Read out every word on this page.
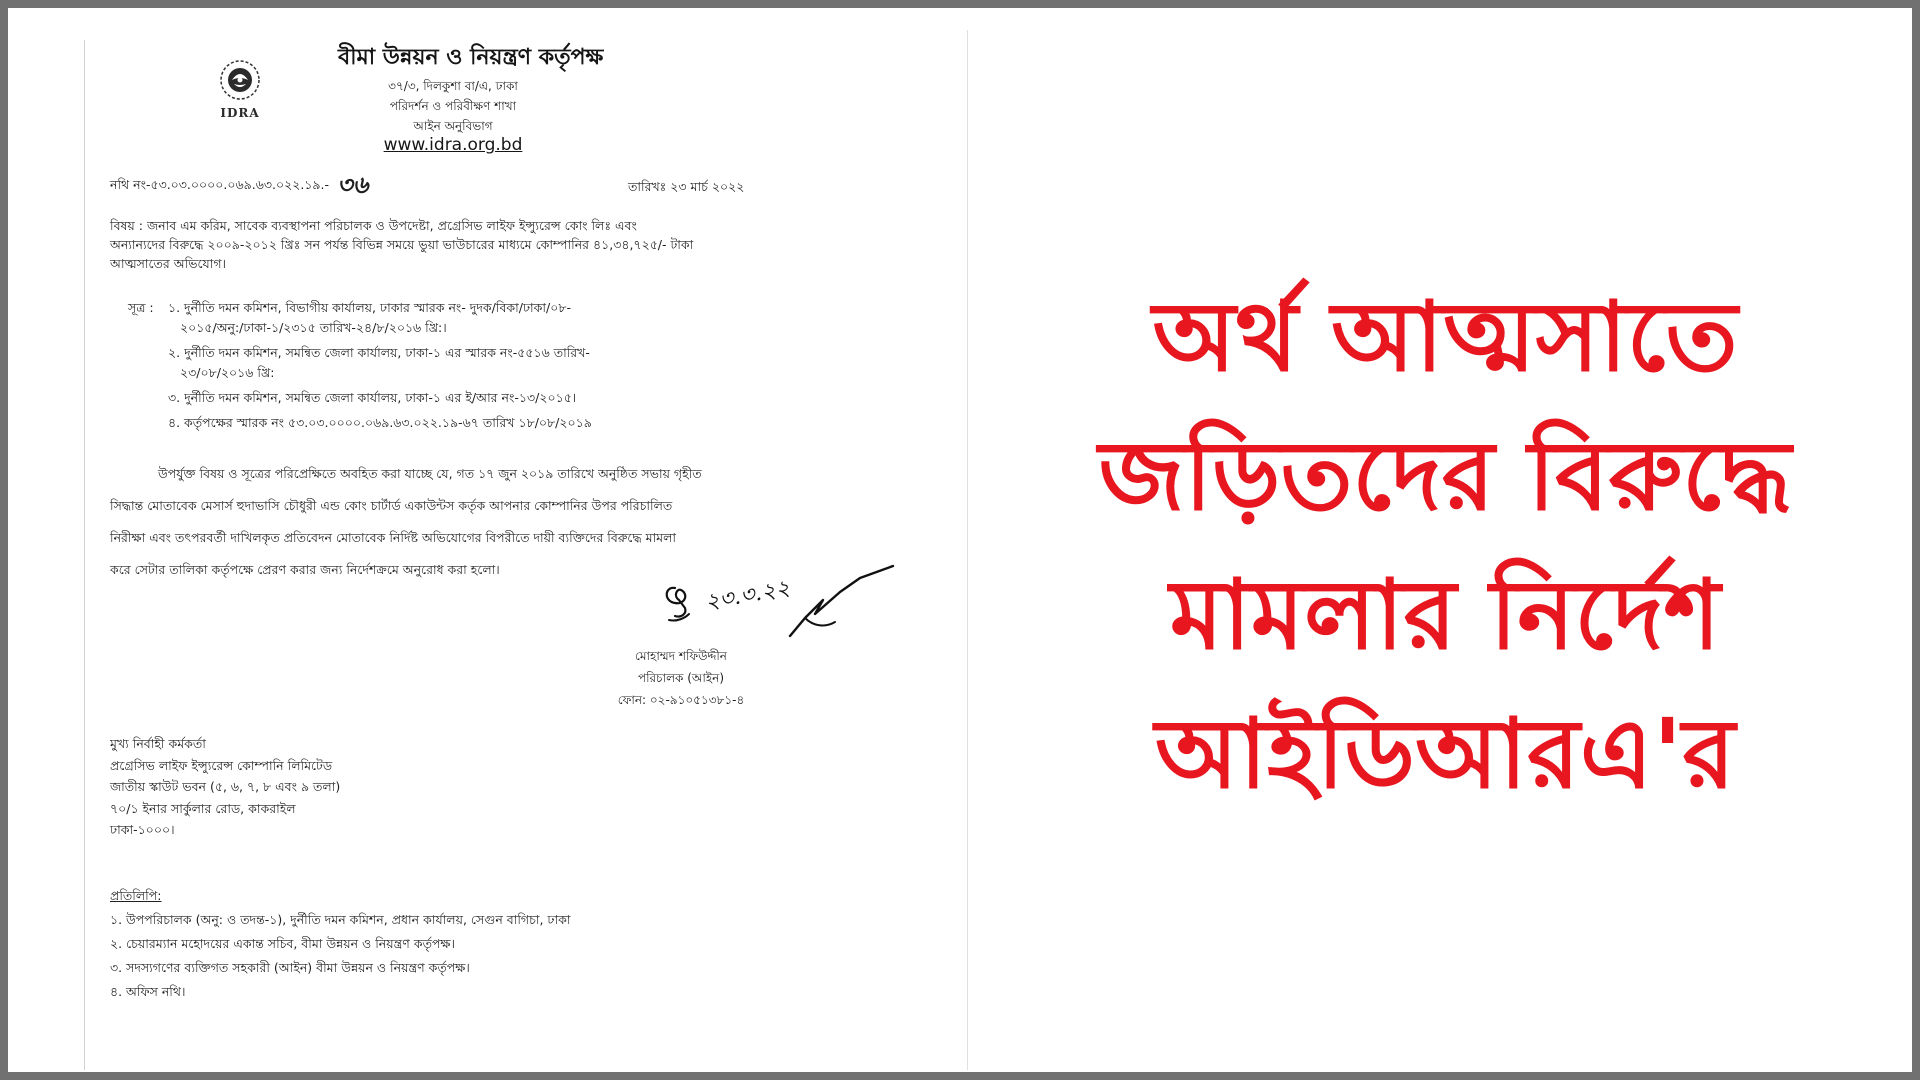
IDRA
বীমা উন্নয়ন ও নিয়ন্ত্রণ কর্তৃপক্ষ
৩৭/৩, দিলকুশা বা/এ, ঢাকা
পরিদর্শন ও পরিবীক্ষণ শাখা
আইন অনুবিভাগ
www.idra.org.bd
নথি নং-৫৩.০৩.০০০০.০৬৯.৬৩.০২২.১৯.- ৩৬	তারিখঃ ২৩ মার্চ ২০২২
বিষয় : জনাব এম করিম, সাবেক ব্যবস্থাপনা পরিচালক ও উপদেষ্টা, প্রগ্রেসিভ লাইফ ইন্স্যুরেন্স কোং লিঃ এবং
অন্যান্যদের বিরুদ্ধে ২০০৯-২০১২ খ্রিঃ সন পর্যন্ত বিভিন্ন সময়ে ভুয়া ভাউচারের মাধ্যমে কোম্পানির ৪১,৩৪,৭২৫/- টাকা
আত্মসাতের অভিযোগ।
সূত্র : ১. দুর্নীতি দমন কমিশন, বিভাগীয় কার্যালয়, ঢাকার স্মারক নং- দুদক/বিকা/ঢাকা/০৮-
২০১৫/অনু:/ঢাকা-১/২৩১৫ তারিখ-২৪/৮/২০১৬ খ্রি:।
২. দুর্নীতি দমন কমিশন, সমন্বিত জেলা কার্যালয়, ঢাকা-১ এর স্মারক নং-৫৫১৬ তারিখ-
২৩/০৮/২০১৬ খ্রি:
৩. দুর্নীতি দমন কমিশন, সমন্বিত জেলা কার্যালয়, ঢাকা-১ এর ই/আর নং-১৩/২০১৫।
৪. কর্তৃপক্ষের স্মারক নং ৫৩.০৩.০০০০.০৬৯.৬৩.০২২.১৯-৬৭ তারিখ ১৮/০৮/২০১৯
উপর্যুক্ত বিষয় ও সূত্রের পরিপ্রেক্ষিতে অবহিত করা যাচ্ছে যে, গত ১৭ জুন ২০১৯ তারিখে অনুষ্ঠিত সভায় গৃহীত
সিদ্ধান্ত মোতাবেক মেসার্স হুদাভাসি চৌধুরী এন্ড কোং চার্টার্ড একাউন্টস কর্তৃক আপনার কোম্পানির উপর পরিচালিত
নিরীক্ষা এবং তৎপরবর্তী দাখিলকৃত প্রতিবেদন মোতাবেক নির্দিষ্ট অভিযোগের বিপরীতে দায়ী ব্যক্তিদের বিরুদ্ধে মামলা
করে সেটার তালিকা কর্তৃপক্ষে প্রেরণ করার জন্য নির্দেশক্রমে অনুরোধ করা হলো।
২৩.৩.২২
মোহাম্মদ শফিউদ্দীন
পরিচালক (আইন)
ফোন: ০২-৯১০৫১৩৮১-৪
মুখ্য নির্বাহী কর্মকর্তা
প্রগ্রেসিভ লাইফ ইন্স্যুরেন্স কোম্পানি লিমিটেড
জাতীয় স্কাউট ভবন (৫, ৬, ৭, ৮ এবং ৯ তলা)
৭০/১ ইনার সার্কুলার রোড, কাকরাইল
ঢাকা-১০০০।
প্রতিলিপি:
১. উপপরিচালক (অনু: ও তদন্ত-১), দুর্নীতি দমন কমিশন, প্রধান কার্যালয়, সেগুন বাগিচা, ঢাকা
২. চেয়ারম্যান মহোদয়ের একান্ত সচিব, বীমা উন্নয়ন ও নিয়ন্ত্রণ কর্তৃপক্ষ।
৩. সদস্যগণের ব্যক্তিগত সহকারী (আইন) বীমা উন্নয়ন ও নিয়ন্ত্রণ কর্তৃপক্ষ।
৪. অফিস নথি।
অর্থ আত্মসাতে
জড়িতদের বিরুদ্ধে
মামলার নির্দেশ
আইডিআরএ'র
